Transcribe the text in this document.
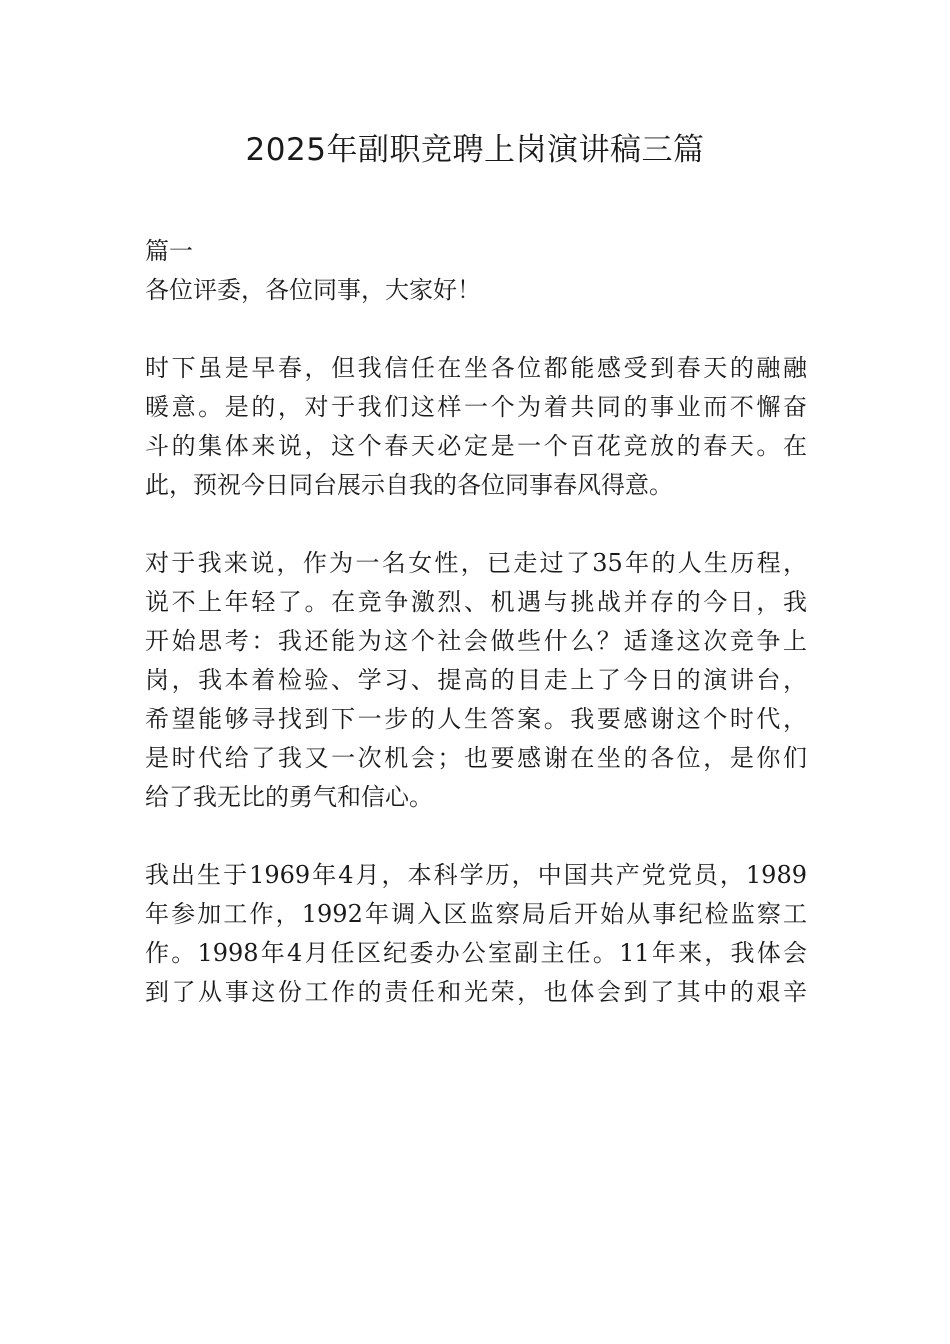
2025年副职竞聘上岗演讲稿三篇
篇一
各位评委，各位同事，大家好！
时下虽是早春，但我信任在坐各位都能感受到春天的融融
暖意。是的，对于我们这样一个为着共同的事业而不懈奋
斗的集体来说，这个春天必定是一个百花竞放的春天。在
此，预祝今日同台展示自我的各位同事春风得意。
对于我来说，作为一名女性，已走过了35年的人生历程，
说不上年轻了。在竞争激烈、机遇与挑战并存的今日，我
开始思考：我还能为这个社会做些什么？适逢这次竞争上
岗，我本着检验、学习、提高的目走上了今日的演讲台，
希望能够寻找到下一步的人生答案。我要感谢这个时代，
是时代给了我又一次机会；也要感谢在坐的各位，是你们
给了我无比的勇气和信心。
我出生于1969年4月，本科学历，中国共产党党员，1989
年参加工作，1992年调入区监察局后开始从事纪检监察工
作。1998年4月任区纪委办公室副主任。11年来，我体会
到了从事这份工作的责任和光荣，也体会到了其中的艰辛
